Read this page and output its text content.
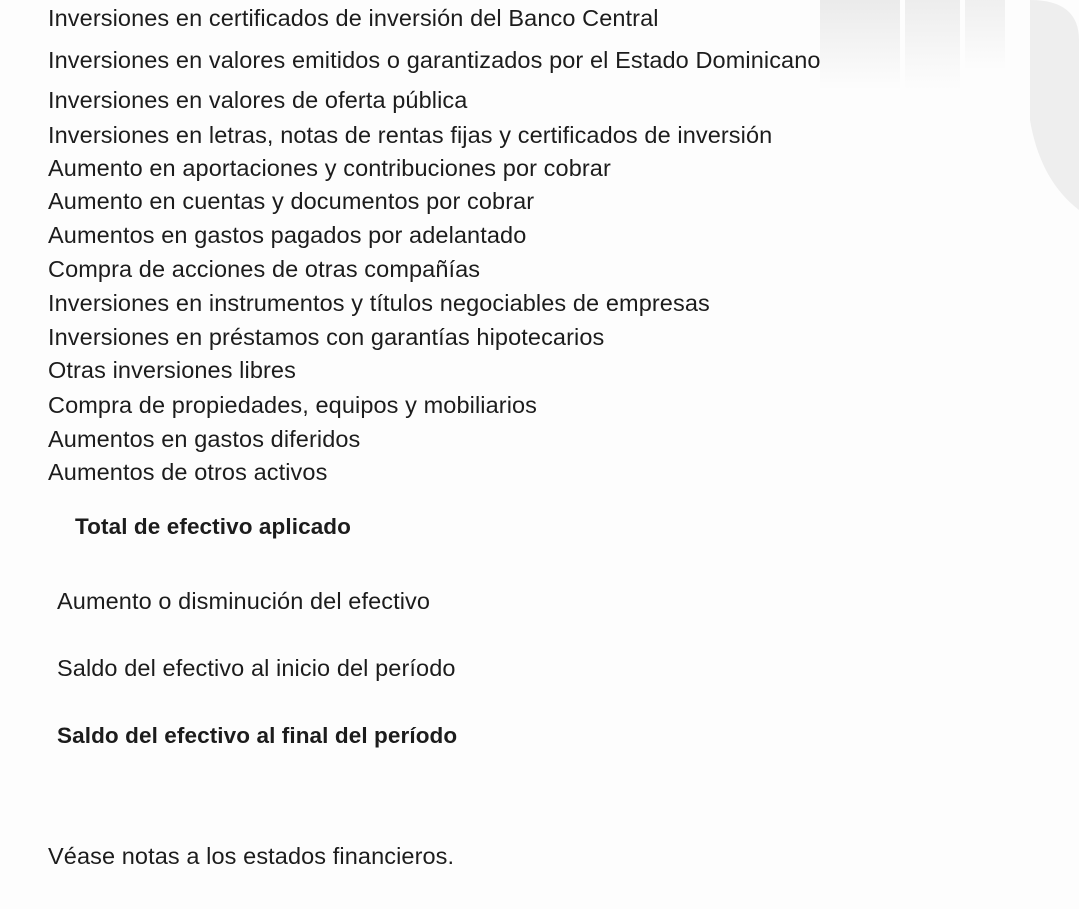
Inversiones en certificados de inversión del Banco Central
Inversiones en valores emitidos o garantizados por el Estado Dominicano
Inversiones en valores de oferta pública
Inversiones en letras, notas de rentas fijas y certificados de inversión
Aumento en aportaciones y contribuciones por cobrar
Aumento en cuentas y documentos por cobrar
Aumentos en gastos pagados por adelantado
Compra de acciones de otras compañías
Inversiones en instrumentos y títulos negociables de empresas
Inversiones en préstamos con garantías hipotecarios
Otras inversiones libres
Compra de propiedades, equipos y mobiliarios
Aumentos en gastos diferidos
Aumentos de otros activos
Total de efectivo aplicado
Aumento o disminución del efectivo
Saldo del efectivo al inicio del período
Saldo del efectivo al final del período
Véase notas a los estados financieros.
